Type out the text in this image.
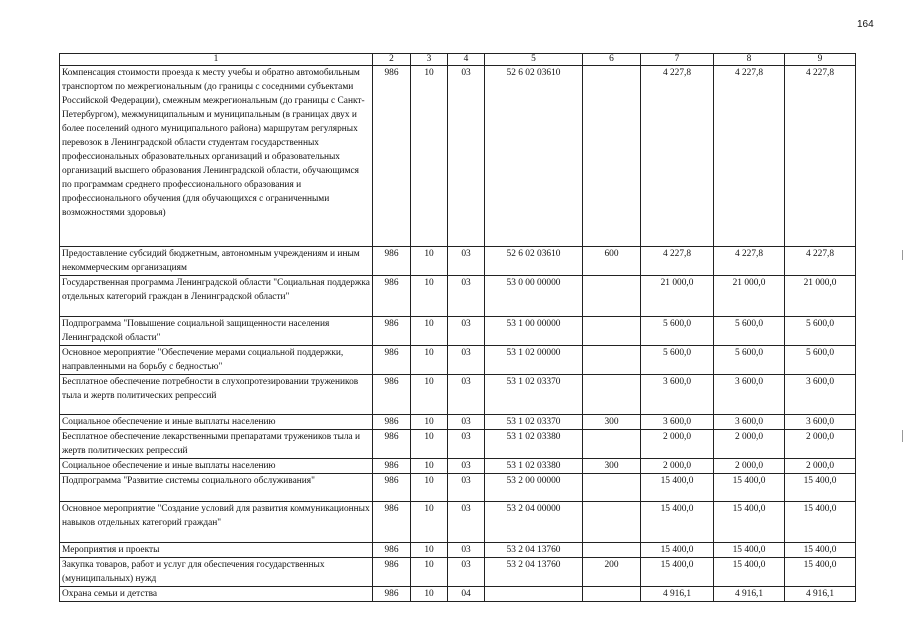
164
1	2	3	4	5	6	7	8	9
Компенсация стоимости проезда к месту учебы и обратно автомобильным транспортом по межрегиональным (до границы с соседними субъектами Российской Федерации), смежным межрегиональным (до границы с Санкт-Петербургом), межмуниципальным и муниципальным (в границах двух и более поселений одного муниципального района) маршрутам регулярных перевозок в Ленинградской области студентам государственных профессиональных образовательных организаций и образовательных организаций высшего образования Ленинградской области, обучающимся по программам среднего профессионального образования и профессионального обучения (для обучающихся с ограниченными возможностями здоровья)	986	10	03	52 6 02 03610		4 227,8	4 227,8	4 227,8
Предоставление субсидий бюджетным, автономным учреждениям и иным некоммерческим организациям	986	10	03	52 6 02 03610	600	4 227,8	4 227,8	4 227,8
Государственная программа Ленинградской области "Социальная поддержка отдельных категорий граждан в Ленинградской области"	986	10	03	53 0 00 00000		21 000,0	21 000,0	21 000,0
Подпрограмма "Повышение социальной защищенности населения Ленинградской области"	986	10	03	53 1 00 00000		5 600,0	5 600,0	5 600,0
Основное мероприятие "Обеспечение мерами социальной поддержки, направленными на борьбу с бедностью"	986	10	03	53 1 02 00000		5 600,0	5 600,0	5 600,0
Бесплатное обеспечение потребности в слухопротезировании тружеников тыла и жертв политических репрессий	986	10	03	53 1 02 03370		3 600,0	3 600,0	3 600,0
Социальное обеспечение и иные выплаты населению	986	10	03	53 1 02 03370	300	3 600,0	3 600,0	3 600,0
Бесплатное обеспечение лекарственными препаратами тружеников тыла и жертв политических репрессий	986	10	03	53 1 02 03380		2 000,0	2 000,0	2 000,0
Социальное обеспечение и иные выплаты населению	986	10	03	53 1 02 03380	300	2 000,0	2 000,0	2 000,0
Подпрограмма "Развитие системы социального обслуживания"	986	10	03	53 2 00 00000		15 400,0	15 400,0	15 400,0
Основное мероприятие "Создание условий для развития коммуникационных навыков отдельных категорий граждан"	986	10	03	53 2 04 00000		15 400,0	15 400,0	15 400,0
Мероприятия и проекты	986	10	03	53 2 04 13760		15 400,0	15 400,0	15 400,0
Закупка товаров, работ и услуг для обеспечения государственных (муниципальных) нужд	986	10	03	53 2 04 13760	200	15 400,0	15 400,0	15 400,0
Охрана семьи и детства	986	10	04			4 916,1	4 916,1	4 916,1
